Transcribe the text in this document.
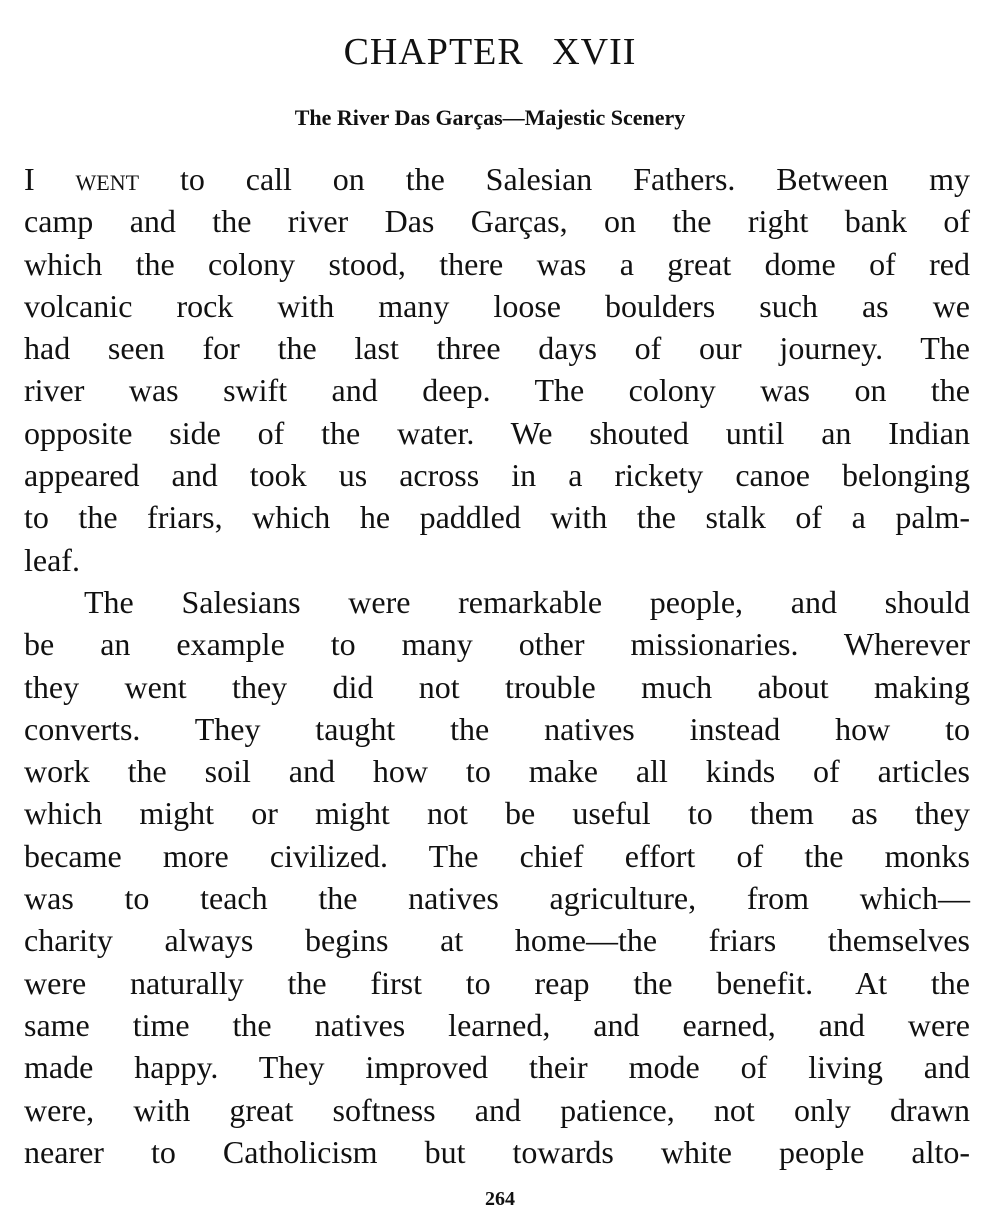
CHAPTER XVII
The River Das Garças—Majestic Scenery
I went to call on the Salesian Fathers. Between my
camp and the river Das Garças, on the right bank of
which the colony stood, there was a great dome of red
volcanic rock with many loose boulders such as we
had seen for the last three days of our journey. The
river was swift and deep. The colony was on the
opposite side of the water. We shouted until an Indian
appeared and took us across in a rickety canoe belonging
to the friars, which he paddled with the stalk of a palm-
leaf.
The Salesians were remarkable people, and should
be an example to many other missionaries. Wherever
they went they did not trouble much about making
converts. They taught the natives instead how to
work the soil and how to make all kinds of articles
which might or might not be useful to them as they
became more civilized. The chief effort of the monks
was to teach the natives agriculture, from which—
charity always begins at home—the friars themselves
were naturally the first to reap the benefit. At the
same time the natives learned, and earned, and were
made happy. They improved their mode of living and
were, with great softness and patience, not only drawn
nearer to Catholicism but towards white people alto-
264
